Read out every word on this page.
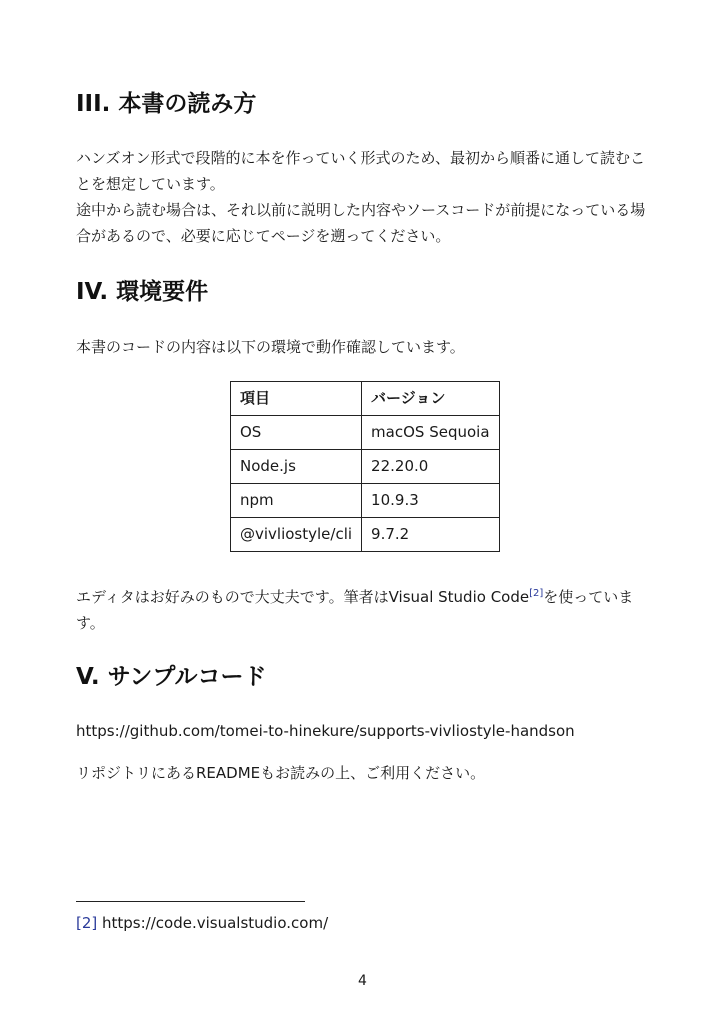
III. 本書の読み方

ハンズオン形式で段階的に本を作っていく形式のため、最初から順番に通して読むことを想定しています。

途中から読む場合は、それ以前に説明した内容やソースコードが前提になっている場合があるので、必要に応じてページを遡ってください。

IV. 環境要件

本書のコードの内容は以下の環境で動作確認しています。

項目	バージョン
OS	macOS Sequoia
Node.js	22.20.0
npm	10.9.3
@vivliostyle/cli	9.7.2

エディタはお好みのもので大丈夫です。筆者はVisual Studio Code[2]を使っています。

V. サンプルコード

https://github.com/tomei-to-hinekure/supports-vivliostyle-handson

リポジトリにあるREADMEもお読みの上、ご利用ください。

[2] https://code.visualstudio.com/
4
